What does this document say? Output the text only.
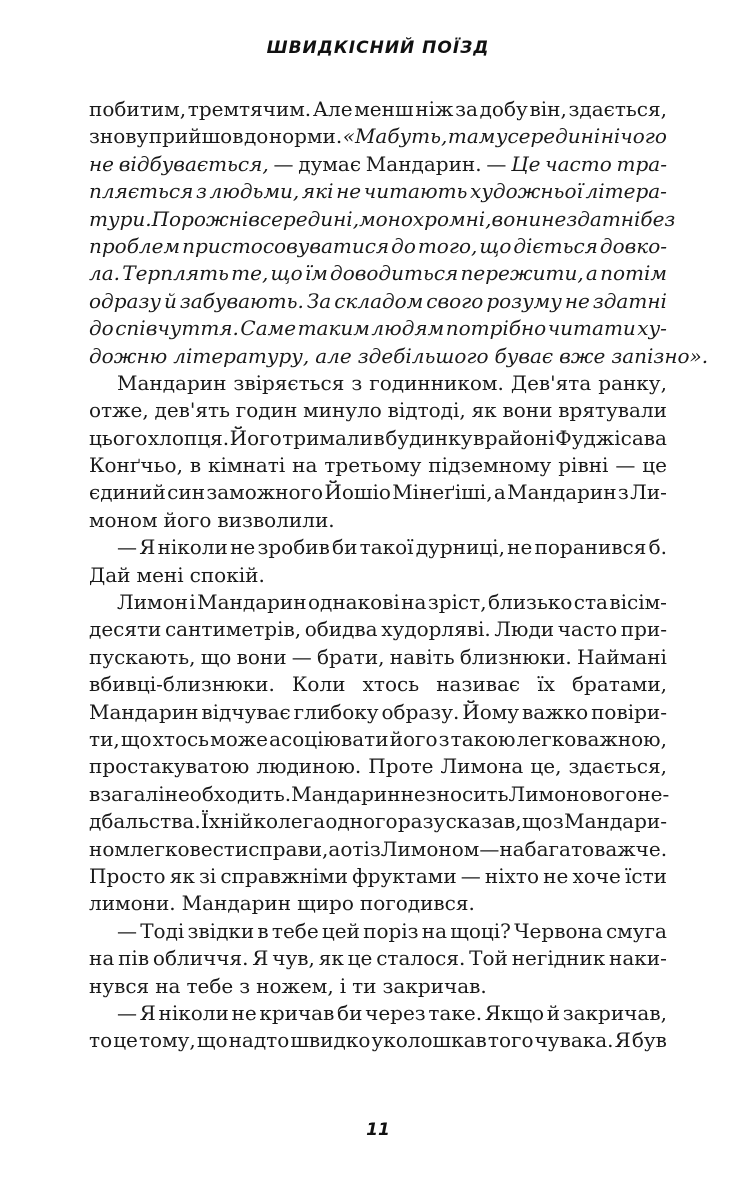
ШВИДКІСНИЙ ПОЇЗД
побитим, тремтячим. Але менш ніж за добу він, здається,
знову прийшов до норми. «Мабуть, там усередині нічого
не відбувається, — думає Мандарин. — Це часто тра-
пляється з людьми, які не читають художньої літера-
тури. Порожні всередині, монохромні, вони не здатні без
проблем пристосовуватися до того, що діється довко-
ла. Терплять те, що їм доводиться пережити, а потім
одразу й забувають. За складом свого розуму не здатні
до співчуття. Саме таким людям потрібно читати ху-
дожню літературу, але здебільшого буває вже запізно».
Мандарин звіряється з годинником. Дев'ята ранку,
отже, дев'ять годин минуло відтоді, як вони врятували
цього хлопця. Його тримали в будинку в районі Фуджісава
Конґчьо, в кімнаті на третьому підземному рівні — це
єдиний син заможного Йошіо Мінеґіші, а Мандарин з Ли-
моном його визволили.
— Я ніколи не зробив би такої дурниці, не поранився б.
Дай мені спокій.
Лимон і Мандарин однакові на зріст, близько ста вісім-
десяти сантиметрів, обидва худорляві. Люди часто при-
пускають, що вони — брати, навіть близнюки. Наймані
вбивці-близнюки. Коли хтось називає їх братами,
Мандарин відчуває глибоку образу. Йому важко повіри-
ти, що хтось може асоціювати його з такою легковажною,
простакуватою людиною. Проте Лимона це, здається,
взагалі не обходить. Мандарин не зносить Лимонового не-
дбальства. Їхній колега одного разу сказав, що з Мандари-
ном легко вести справи, а от із Лимоном — набагато важче.
Просто як зі справжніми фруктами — ніхто не хоче їсти
лимони. Мандарин щиро погодився.
— Тоді звідки в тебе цей поріз на щоці? Червона смуга
на пів обличчя. Я чув, як це сталося. Той негідник наки-
нувся на тебе з ножем, і ти закричав.
— Я ніколи не кричав би через таке. Якщо й закричав,
то це тому, що надто швидко уколошкав того чувака. Я був
11
